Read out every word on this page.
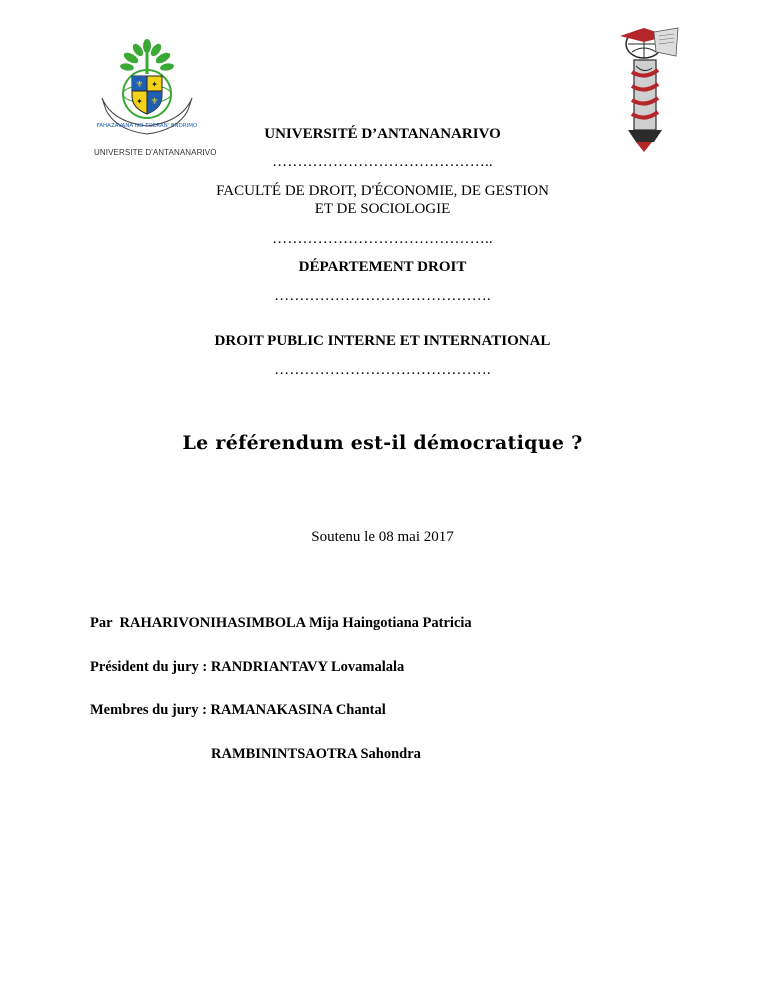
⚜
⚜
✦
✦
FAHAZAVANA NO TOERAN' ENDRIMO
UNIVERSITE D'ANTANANARIVO
UNIVERSITÉ D’ANTANANARIVO
……………………………………..
FACULTÉ DE DROIT, D'ÉCONOMIE, DE GESTION
ET DE SOCIOLOGIE
……………………………………..
DÉPARTEMENT DROIT
…………………………………….
DROIT PUBLIC INTERNE ET INTERNATIONAL
…………………………………….
Le référendum est-il démocratique ?
Soutenu le 08 mai 2017
Par  RAHARIVONIHASIMBOLA Mija Haingotiana Patricia
Président du jury : RANDRIANTAVY Lovamalala
Membres du jury : RAMANAKASINA Chantal
RAMBININTSAOTRA Sahondra
